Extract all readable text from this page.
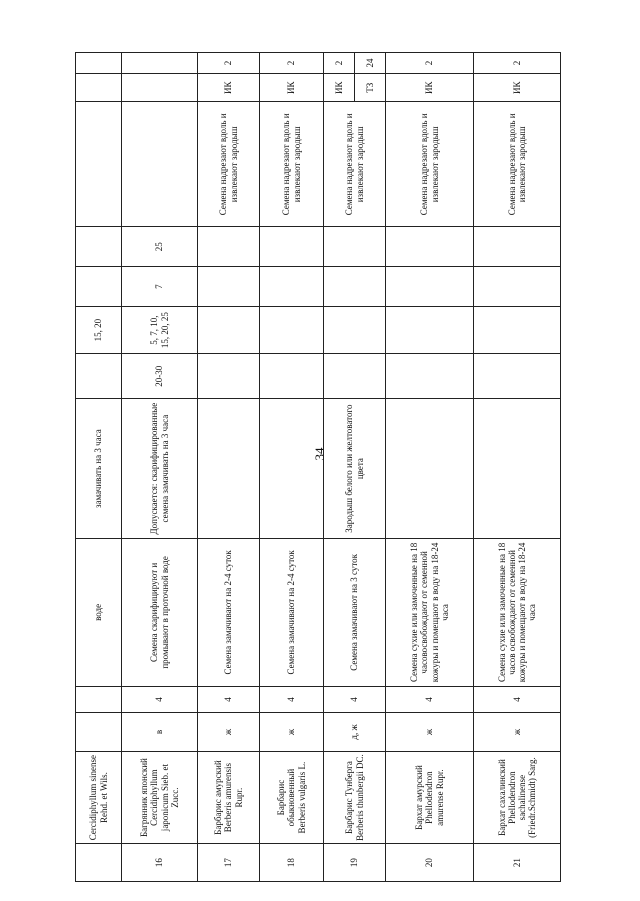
34
	Cercidiphyllum sinense Rehd. et Wils.			воде	замачивать на 3 часа		15, 20					
16	Багрянник японский Cercidiphyllum japonicum Sieb. et Zucc.	в	4	Семена скарифицируют и промывают в проточной воде	Допускается: скарифицированные семена замачивать на 3 часа	20-30	5, 7, 10, 15, 20, 25	7	25			
17	Барбарис амурский Berberis amurensis Rupr.	ж	4	Семена замачивают на 2-4 суток						Семена надрезают вдоль и извлекают зародыш	ИК	2
18	Барбарис обыкновенный Berberis vulgaris L.	ж	4	Семена замачивают на 2-4 суток						Семена надрезают вдоль и извлекают зародыш	ИК	2
19	Барбарис Тунберга Berberis thunbergii DC.	д, ж	4	Семена замачивают на 3 суток	Зародыш белого или желтоватого цвета					Семена надрезают вдоль и извлекают зародыш	ИК	2
											ТЗ	24
20	Бархат амурский Phellodendron amurense Rupr.	ж	4	Семена сухие или замоченные на 18 часовосвобождают от семенной кожуры и помещают в воду на 18-24 часа						Семена надрезают вдоль и извлекают зародыш	ИК	2
21	Бархат сахалинский Phellodendron sachalinense (Friedr.Schmidt) Sarg.	ж	4	Семена сухие или замоченные на 18 часов освобождают от семенной кожуры и помещают в воду на 18-24 часа						Семена надрезают вдоль и извлекают зародыш	ИК	2
